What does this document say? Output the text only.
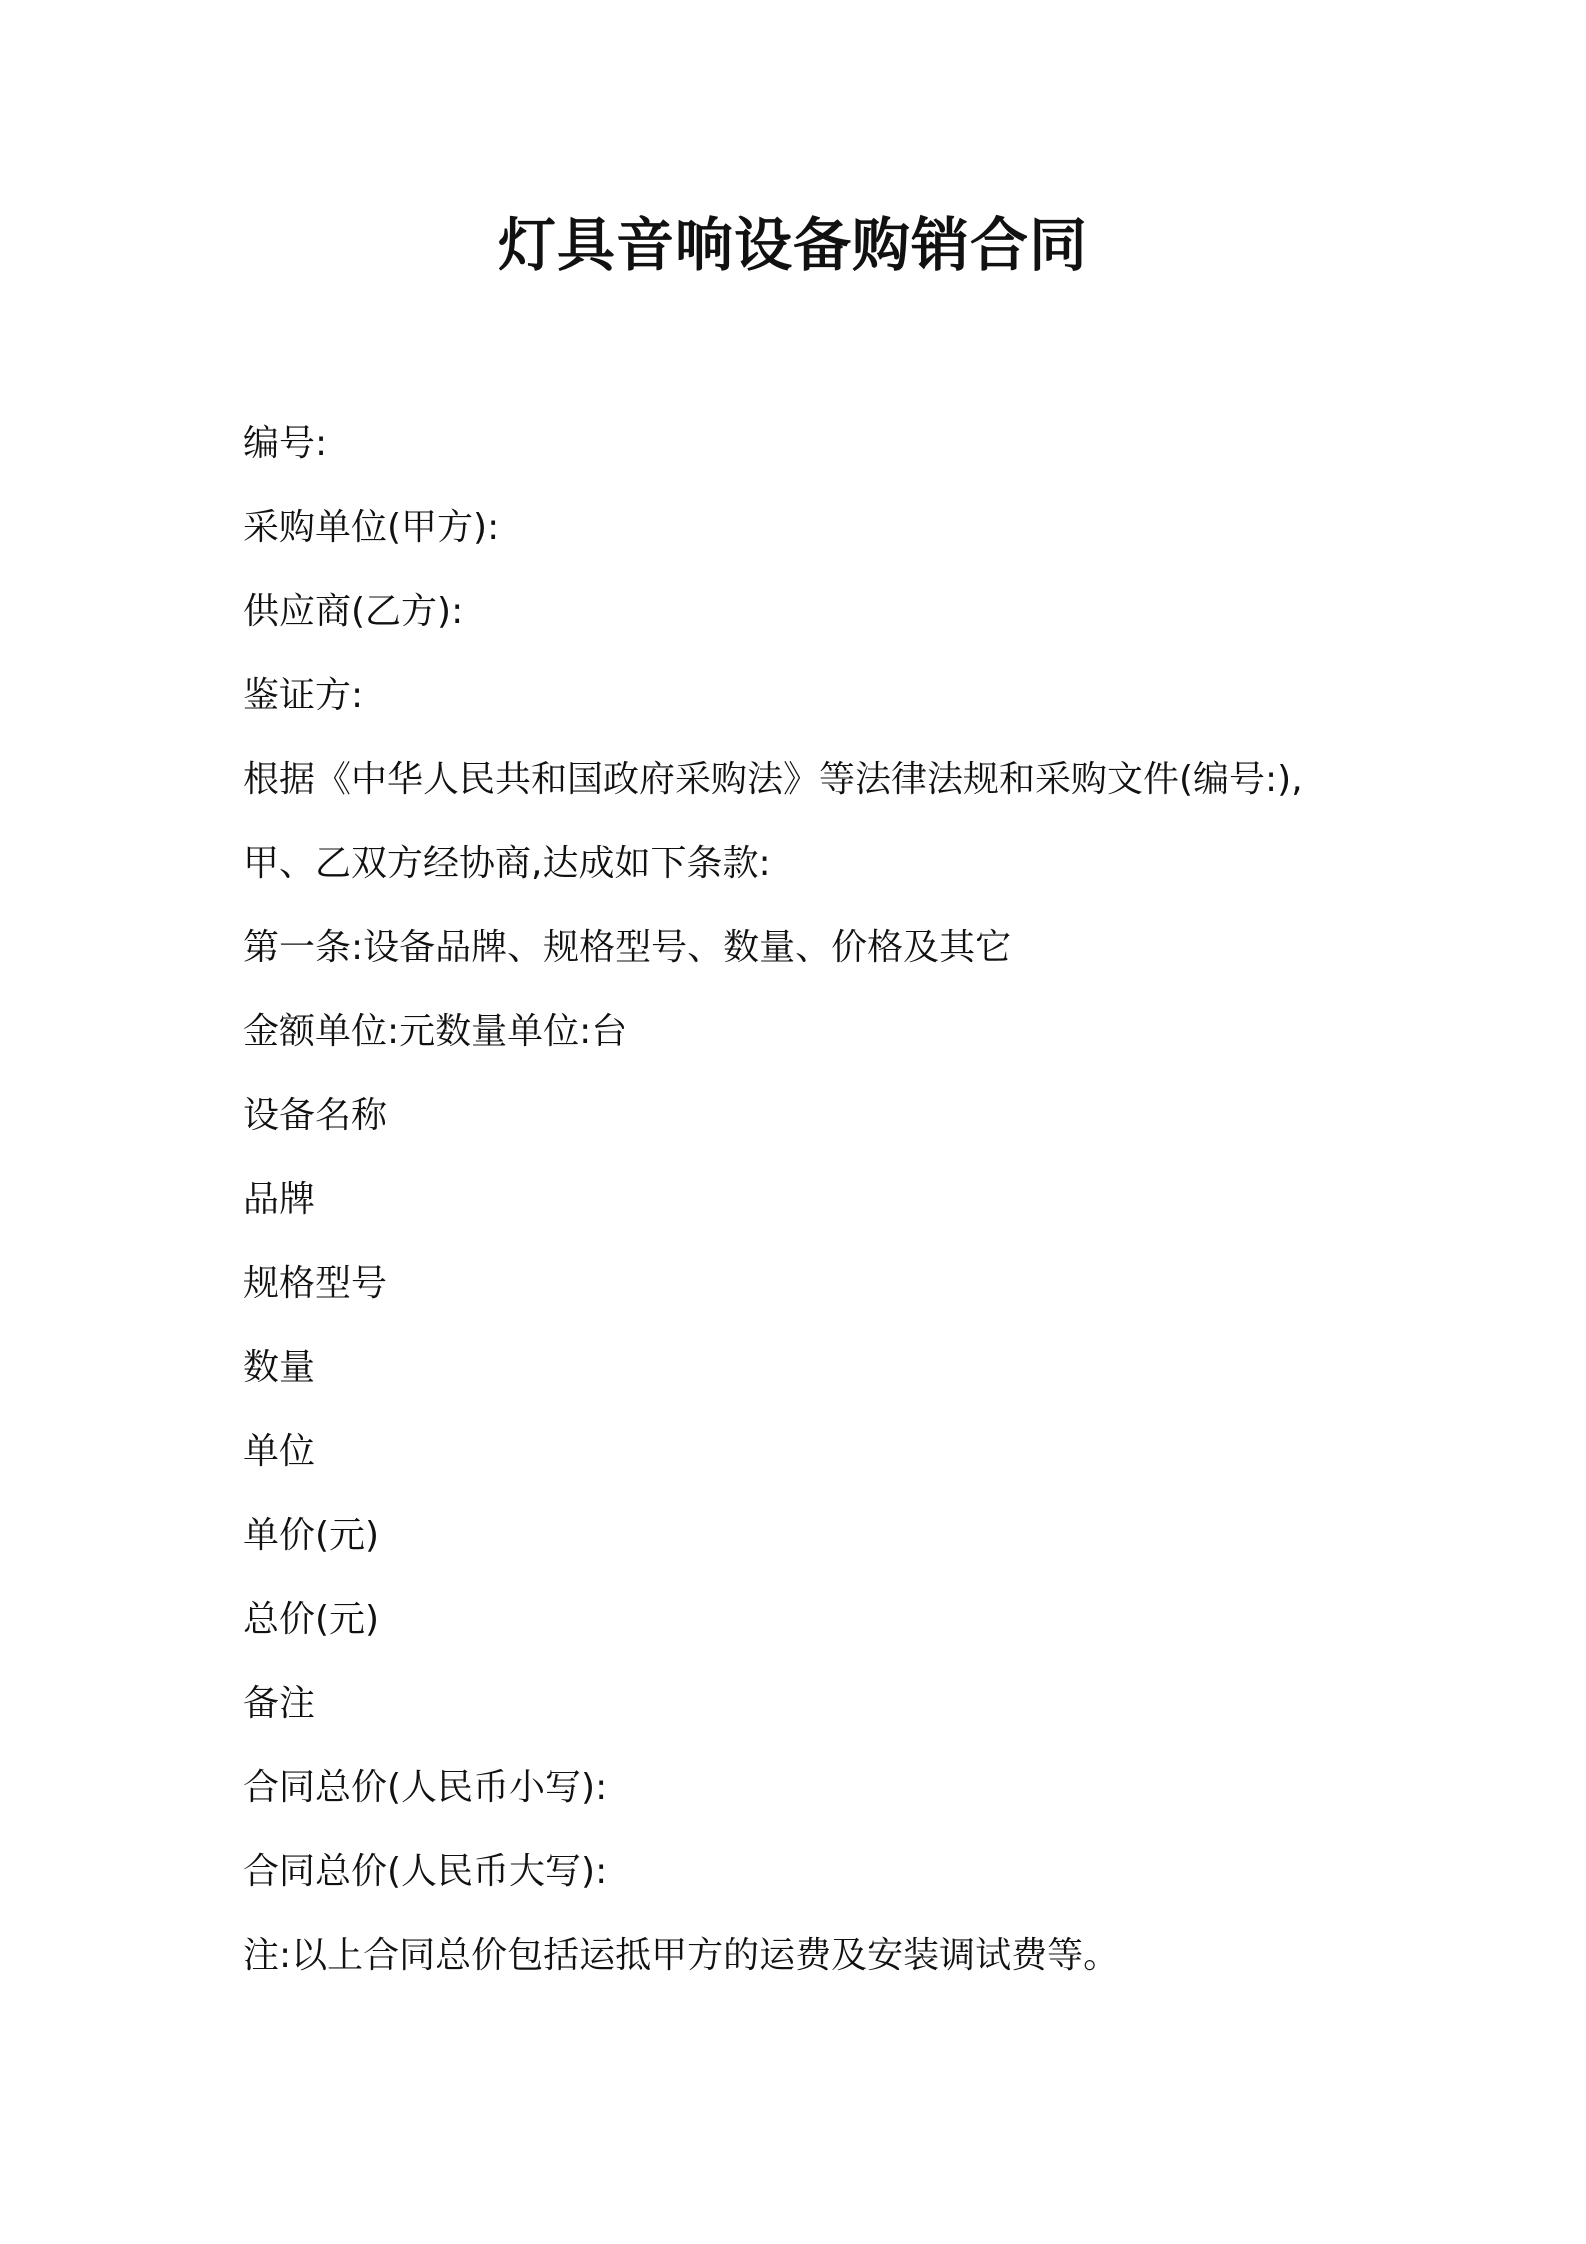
灯具音响设备购销合同
编号:
采购单位(甲方):
供应商(乙方):
鉴证方:
根据《中华人民共和国政府采购法》等法律法规和采购文件(编号:),
甲、乙双方经协商,达成如下条款:
第一条:设备品牌、规格型号、数量、价格及其它
金额单位:元数量单位:台
设备名称
品牌
规格型号
数量
单位
单价(元)
总价(元)
备注
合同总价(人民币小写):
合同总价(人民币大写):
注:以上合同总价包括运抵甲方的运费及安装调试费等。
